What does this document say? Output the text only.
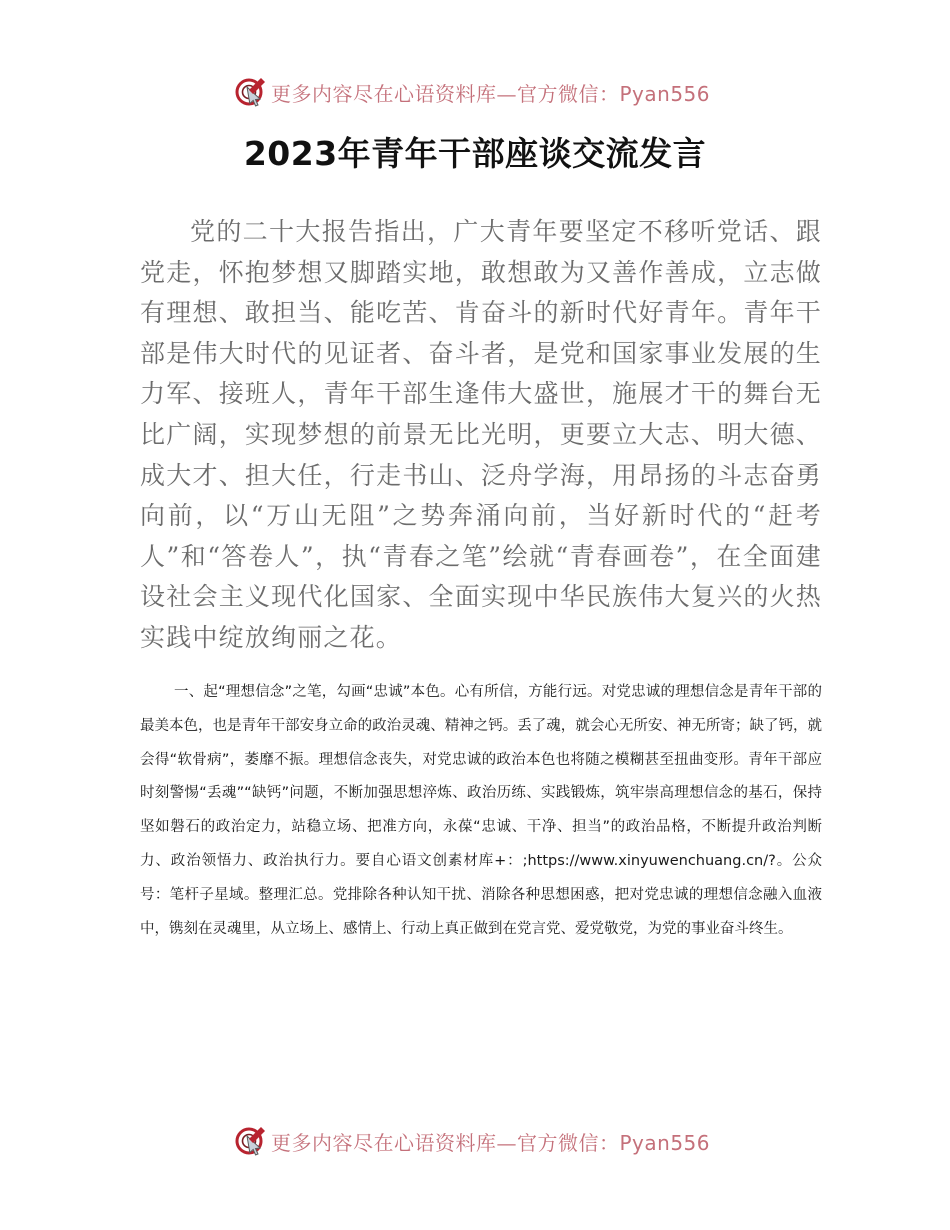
更多内容尽在心语资料库—官方微信：Pyan556
2023年青年干部座谈交流发言

党的二十大报告指出，广大青年要坚定不移听党话、跟党走，怀抱梦想又脚踏实地，敢想敢为又善作善成，立志做有理想、敢担当、能吃苦、肯奋斗的新时代好青年。青年干部是伟大时代的见证者、奋斗者，是党和国家事业发展的生力军、接班人，青年干部生逢伟大盛世，施展才干的舞台无比广阔，实现梦想的前景无比光明，更要立大志、明大德、成大才、担大任，行走书山、泛舟学海，用昂扬的斗志奋勇向前，以“万山无阻”之势奔涌向前，当好新时代的“赶考人”和“答卷人”，执“青春之笔”绘就“青春画卷”，在全面建设社会主义现代化国家、全面实现中华民族伟大复兴的火热实践中绽放绚丽之花。

一、起“理想信念”之笔，勾画“忠诚”本色。心有所信，方能行远。对党忠诚的理想信念是青年干部的最美本色，也是青年干部安身立命的政治灵魂、精神之钙。丢了魂，就会心无所安、神无所寄；缺了钙，就会得“软骨病”，萎靡不振。理想信念丧失，对党忠诚的政治本色也将随之模糊甚至扭曲变形。青年干部应时刻警惕“丢魂”“缺钙”问题，不断加强思想淬炼、政治历练、实践锻炼，筑牢崇高理想信念的基石，保持坚如磐石的政治定力，站稳立场、把准方向，永葆“忠诚、干净、担当”的政治品格，不断提升政治判断力、政治领悟力、政治执行力。要自心语文创素材库+：;https://www.xinyuwenchuang.cn/?。公众号：笔杆子星域。整理汇总。党排除各种认知干扰、消除各种思想困惑，把对党忠诚的理想信念融入血液中，镌刻在灵魂里，从立场上、感情上、行动上真正做到在党言党、爱党敬党，为党的事业奋斗终生。

更多内容尽在心语资料库—官方微信：Pyan556
